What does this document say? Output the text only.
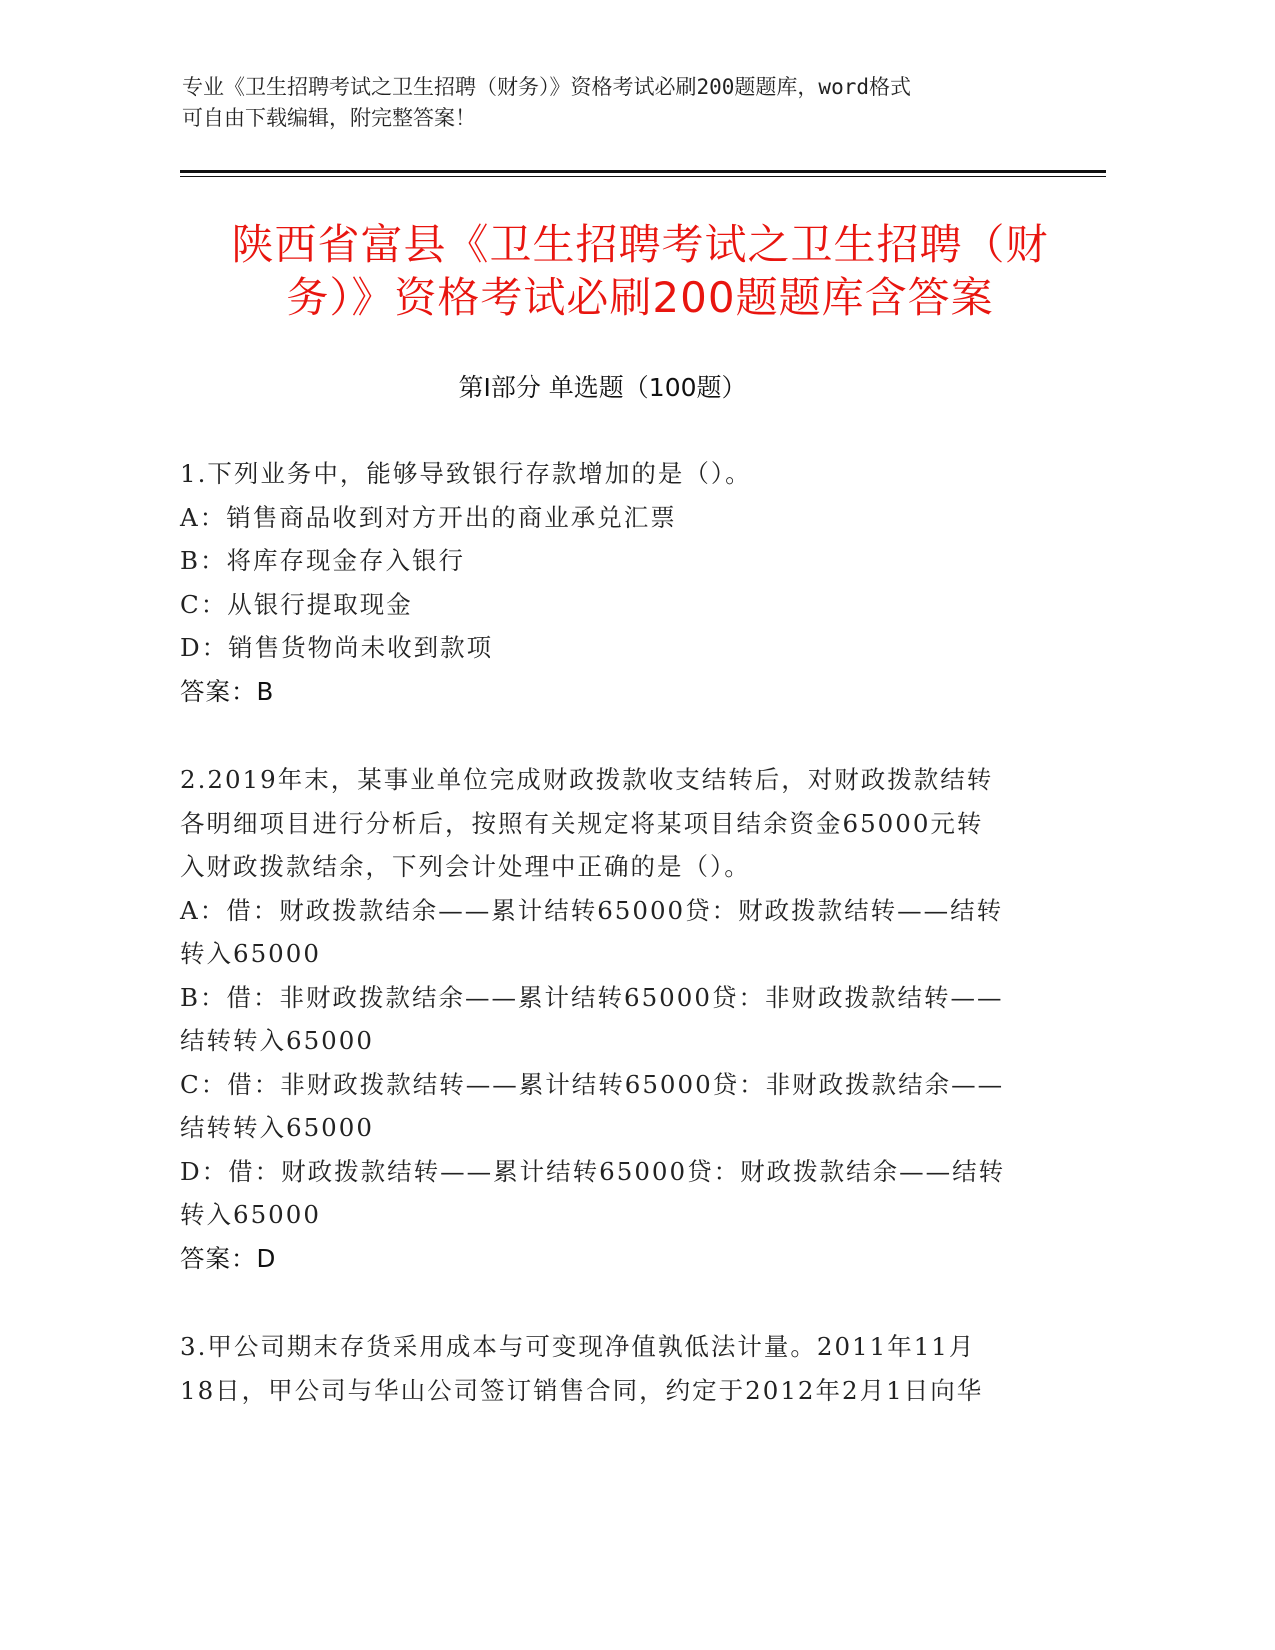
专业《卫生招聘考试之卫生招聘（财务）》资格考试必刷200题题库，word格式
可自由下载编辑，附完整答案！
陕西省富县《卫生招聘考试之卫生招聘（财
务）》资格考试必刷200题题库含答案
第I部分 单选题（100题）
1.下列业务中，能够导致银行存款增加的是（）。
A：销售商品收到对方开出的商业承兑汇票
B：将库存现金存入银行
C：从银行提取现金
D：销售货物尚未收到款项
答案：B
2.2019年末，某事业单位完成财政拨款收支结转后，对财政拨款结转
各明细项目进行分析后，按照有关规定将某项目结余资金65000元转
入财政拨款结余，下列会计处理中正确的是（）。
A：借：财政拨款结余——累计结转65000贷：财政拨款结转——结转
转入65000
B：借：非财政拨款结余——累计结转65000贷：非财政拨款结转——
结转转入65000
C：借：非财政拨款结转——累计结转65000贷：非财政拨款结余——
结转转入65000
D：借：财政拨款结转——累计结转65000贷：财政拨款结余——结转
转入65000
答案：D
3.甲公司期末存货采用成本与可变现净值孰低法计量。2011年11月
18日，甲公司与华山公司签订销售合同，约定于2012年2月1日向华
